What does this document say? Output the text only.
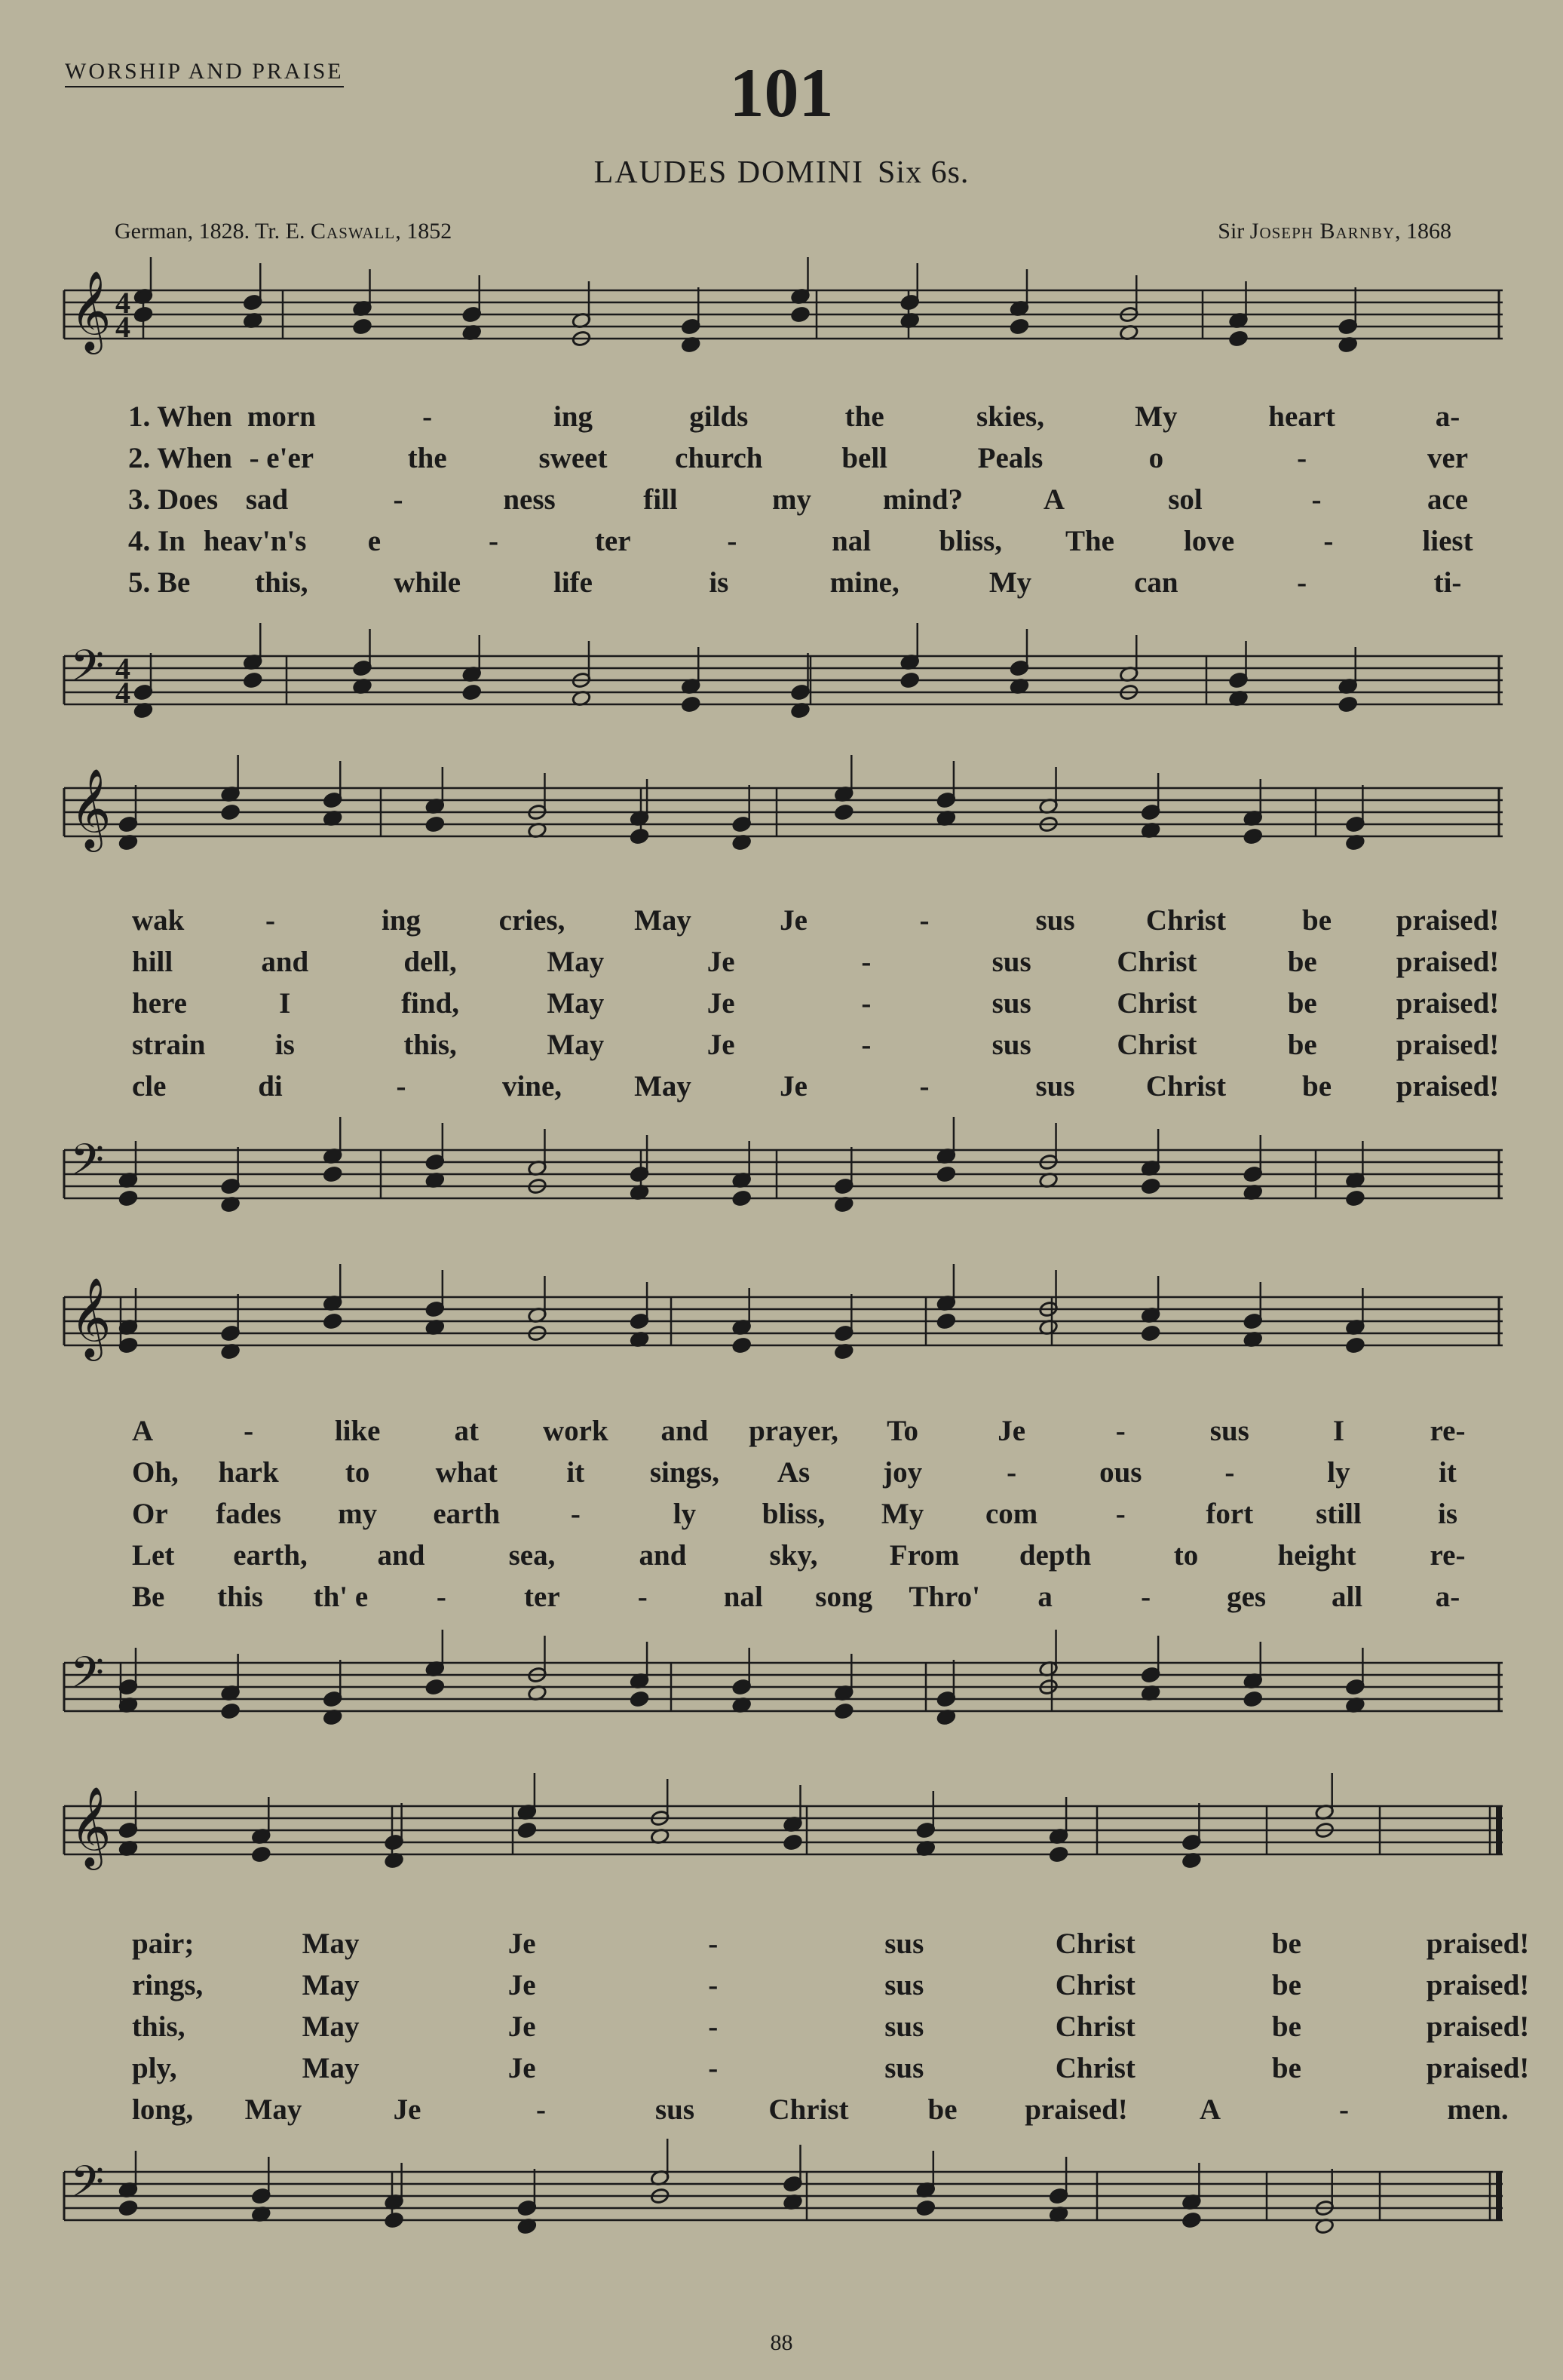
WORSHIP AND PRAISE	101
LAUDES DOMINI Six 6s.
German, 1828. Tr. E. Caswall, 1852	Sir Joseph Barnby, 1868
𝄞 4
4
𝄢 4
4
1. When morn	-	ing	gilds	the	skies,	My	heart	a-
2. When - e'er	the	sweet church	bell	Peals	o	-	ver
3. Does sad	-	ness	fill	my mind?	A	sol	-	ace
4. In heav'n's e	-	ter	-	nal bliss, The love	-	liest
5. Be this,	while	life	is	mine,	My	can	-	ti-
𝄞
𝄢
wak	-	ing	cries, May	Je	-	sus Christ	be praised!
hill	and	dell,	May	Je	-	sus	Christ	be	praised!
here	I	find,	May	Je	-	sus	Christ	be	praised!
strain is	this,	May	Je	-	sus	Christ	be	praised!
cle	di	-	vine, May	Je	-	sus Christ	be praised!
𝄞
𝄢
A	-	like	at work and prayer, To	Je	-	sus	I	re-
Oh, hark to what it sings, As joy	-	ous	-	ly	it
Or fades my earth -	ly bliss, My com	-	fort still	is
Let earth, and	sea,	and	sky, From depth	to	height	re-
Be this th' e -	ter	-	nal song Thro' a	-	ges all a-
𝄞
𝄢
pair;	May	Je	-	sus	Christ	be	praised!
rings,	May	Je	-	sus	Christ	be	praised!
this,	May	Je	-	sus	Christ	be	praised!
ply,	May	Je	-	sus	Christ	be	praised!
long, May	Je	-	sus	Christ	be praised! A	-	men.
88
